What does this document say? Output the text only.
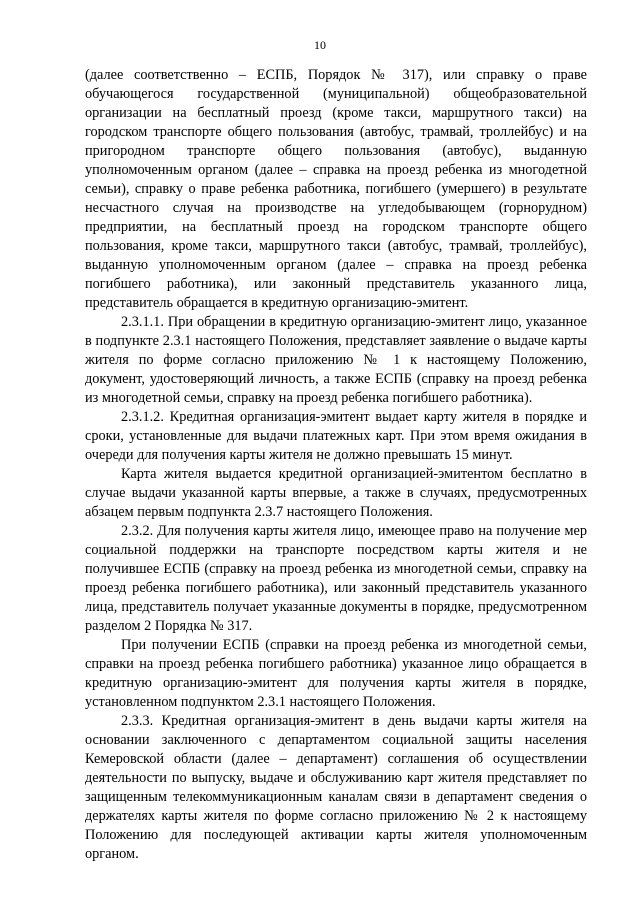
10

(далее соответственно – ЕСПБ, Порядок № 317), или справку о праве обучающегося государственной (муниципальной) общеобразовательной организации на бесплатный проезд (кроме такси, маршрутного такси) на городском транспорте общего пользования (автобус, трамвай, троллейбус) и на пригородном транспорте общего пользования (автобус), выданную уполномоченным органом (далее – справка на проезд ребенка из многодетной семьи), справку о праве ребенка работника, погибшего (умершего) в результате несчастного случая на производстве на угледобывающем (горнорудном) предприятии, на бесплатный проезд на городском транспорте общего пользования, кроме такси, маршрутного такси (автобус, трамвай, троллейбус), выданную уполномоченным органом (далее – справка на проезд ребенка погибшего работника), или законный представитель указанного лица, представитель обращается в кредитную организацию-эмитент.

2.3.1.1. При обращении в кредитную организацию-эмитент лицо, указанное в подпункте 2.3.1 настоящего Положения, представляет заявление о выдаче карты жителя по форме согласно приложению № 1 к настоящему Положению, документ, удостоверяющий личность, а также ЕСПБ (справку на проезд ребенка из многодетной семьи, справку на проезд ребенка погибшего работника).

2.3.1.2. Кредитная организация-эмитент выдает карту жителя в порядке и сроки, установленные для выдачи платежных карт. При этом время ожидания в очереди для получения карты жителя не должно превышать 15 минут.

Карта жителя выдается кредитной организацией-эмитентом бесплатно в случае выдачи указанной карты впервые, а также в случаях, предусмотренных абзацем первым подпункта 2.3.7 настоящего Положения.

2.3.2. Для получения карты жителя лицо, имеющее право на получение мер социальной поддержки на транспорте посредством карты жителя и не получившее ЕСПБ (справку на проезд ребенка из многодетной семьи, справку на проезд ребенка погибшего работника), или законный представитель указанного лица, представитель получает указанные документы в порядке, предусмотренном разделом 2 Порядка № 317.

При получении ЕСПБ (справки на проезд ребенка из многодетной семьи, справки на проезд ребенка погибшего работника) указанное лицо обращается в кредитную организацию-эмитент для получения карты жителя в порядке, установленном подпунктом 2.3.1 настоящего Положения.

2.3.3. Кредитная организация-эмитент в день выдачи карты жителя на основании заключенного с департаментом социальной защиты населения Кемеровской области (далее – департамент) соглашения об осуществлении деятельности по выпуску, выдаче и обслуживанию карт жителя представляет по защищенным телекоммуникационным каналам связи в департамент сведения о держателях карты жителя по форме согласно приложению № 2 к настоящему Положению для последующей активации карты жителя уполномоченным органом.
